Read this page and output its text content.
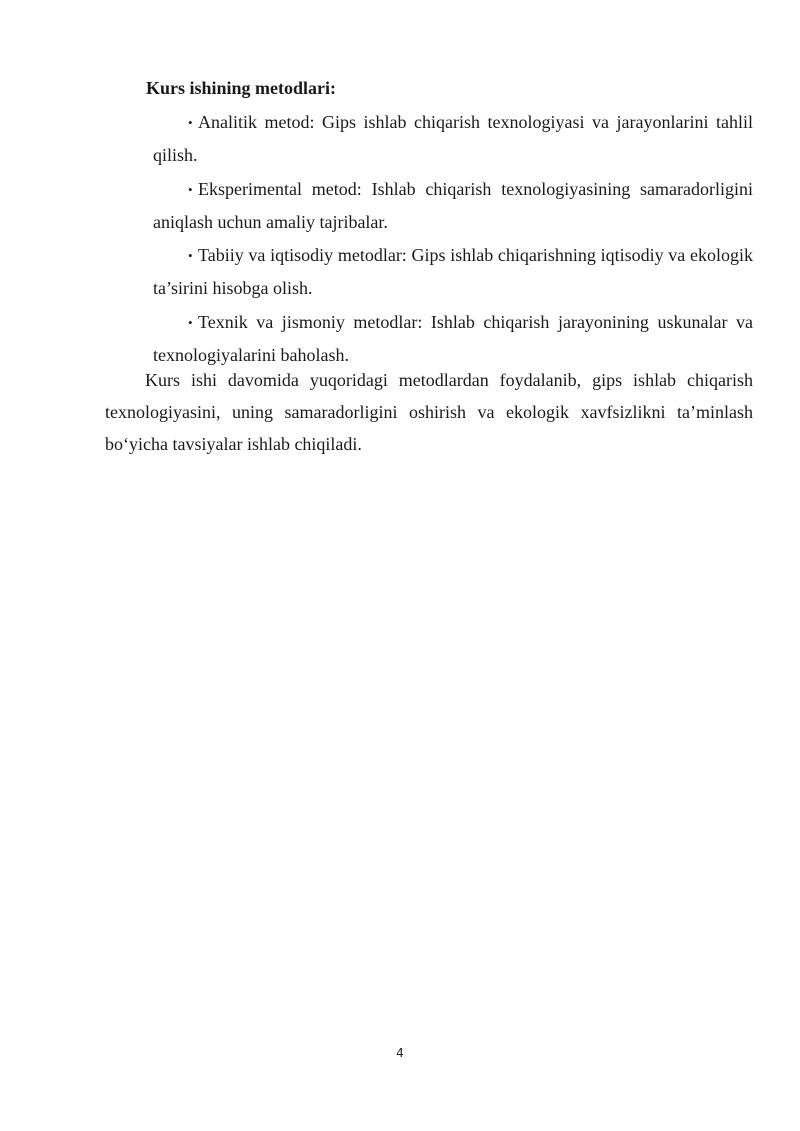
Kurs ishining metodlari:
• Analitik metod: Gips ishlab chiqarish texnologiyasi va jarayonlarini tahlil qilish.
• Eksperimental metod: Ishlab chiqarish texnologiyasining samaradorligini aniqlash uchun amaliy tajribalar.
• Tabiiy va iqtisodiy metodlar: Gips ishlab chiqarishning iqtisodiy va ekologik ta’sirini hisobga olish.
• Texnik va jismoniy metodlar: Ishlab chiqarish jarayonining uskunalar va texnologiyalarini baholash.

Kurs ishi davomida yuqoridagi metodlardan foydalanib, gips ishlab chiqarish texnologiyasini, uning samaradorligini oshirish va ekologik xavfsizlikni ta’minlash bo‘yicha tavsiyalar ishlab chiqiladi.

4
